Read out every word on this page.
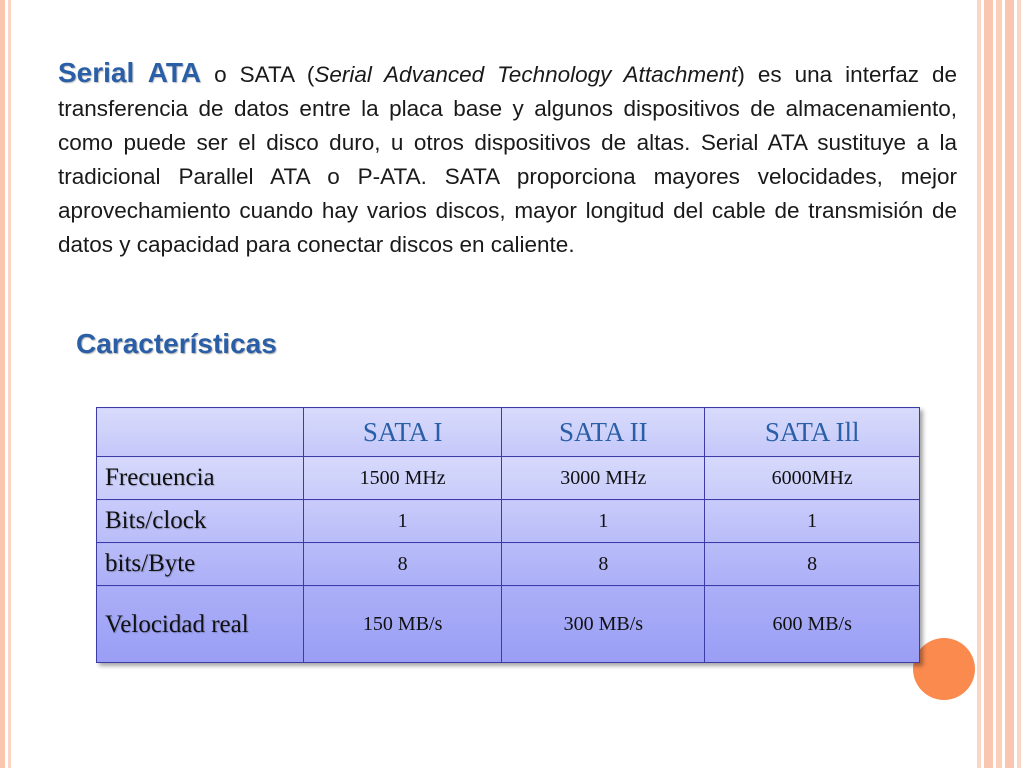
Serial ATA o SATA (Serial Advanced Technology Attachment) es una interfaz de transferencia de datos entre la placa base y algunos dispositivos de almacenamiento, como puede ser el disco duro, u otros dispositivos de altas. Serial ATA sustituye a la tradicional Parallel ATA o P-ATA. SATA proporciona mayores velocidades, mejor aprovechamiento cuando hay varios discos, mayor longitud del cable de transmisión de datos y capacidad para conectar discos en caliente.

Características
	SATA I	SATA II	SATA Ill
Frecuencia	1500 MHz	3000 MHz	6000MHz
Bits/clock	1	1	1
bits/Byte	8	8	8
Velocidad real	150 MB/s	300 MB/s	600 MB/s
